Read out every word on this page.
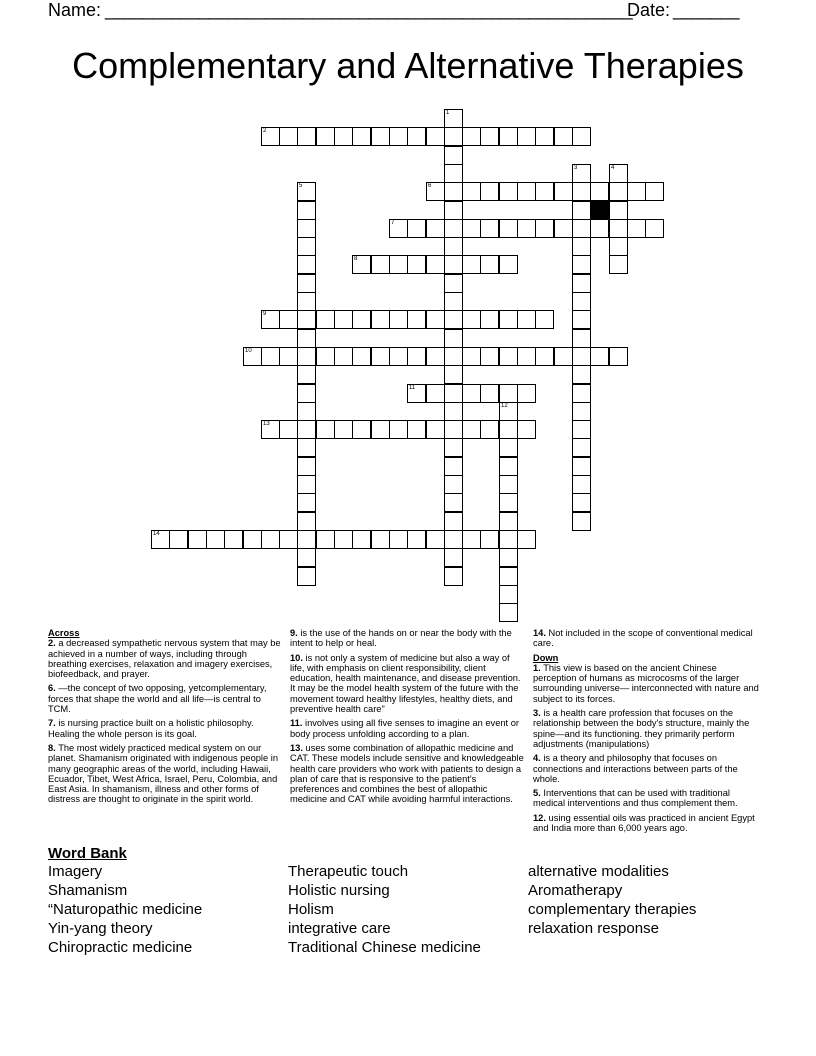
Name: ________________________________________________________
Date: _______
Complementary and Alternative Therapies
1
2
3	4
5	6
7
8
9
10
11
12
13
14
Across
2. a decreased sympathetic nervous system that may be achieved in a number of ways, including through breathing exercises, relaxation and imagery exercises, biofeedback, and prayer.
6. —the concept of two opposing, yetcomplementary, forces that shape the world and all life—is central to TCM.
7. is nursing practice built on a holistic philosophy. Healing the whole person is its goal.
8. The most widely practiced medical system on our planet. Shamanism originated with indigenous people in many geographic areas of the world, including Hawaii, Ecuador, Tibet, West Africa, Israel, Peru, Colombia, and East Asia. In shamanism, illness and other forms of distress are thought to originate in the spirit world.
9. is the use of the hands on or near the body with the intent to help or heal.
10. is not only a system of medicine but also a way of life, with emphasis on client responsibility, client education, health maintenance, and disease prevention. It may be the model health system of the future with the movement toward healthy lifestyles, healthy diets, and preventive health care"
11. involves using all five senses to imagine an event or body process unfolding according to a plan.
13. uses some combination of allopathic medicine and CAT. These models include sensitive and knowledgeable health care providers who work with patients to design a plan of care that is responsive to the patient's preferences and combines the best of allopathic medicine and CAT while avoiding harmful interactions.
14. Not included in the scope of conventional medical care.
Down
1. This view is based on the ancient Chinese perception of humans as microcosms of the larger surrounding universe— interconnected with nature and subject to its forces.
3. is a health care profession that focuses on the relationship between the body's structure, mainly the spine—and its functioning. they primarily perform adjustments (manipulations)
4. is a theory and philosophy that focuses on connections and interactions between parts of the whole.
5. Interventions that can be used with traditional medical interventions and thus complement them.
12. using essential oils was practiced in ancient Egypt and India more than 6,000 years ago.
Word Bank
Imagery
Shamanism
“Naturopathic medicine
Yin-yang theory
Chiropractic medicine
Therapeutic touch
Holistic nursing
Holism
integrative care
Traditional Chinese medicine
alternative modalities
Aromatherapy
complementary therapies
relaxation response
